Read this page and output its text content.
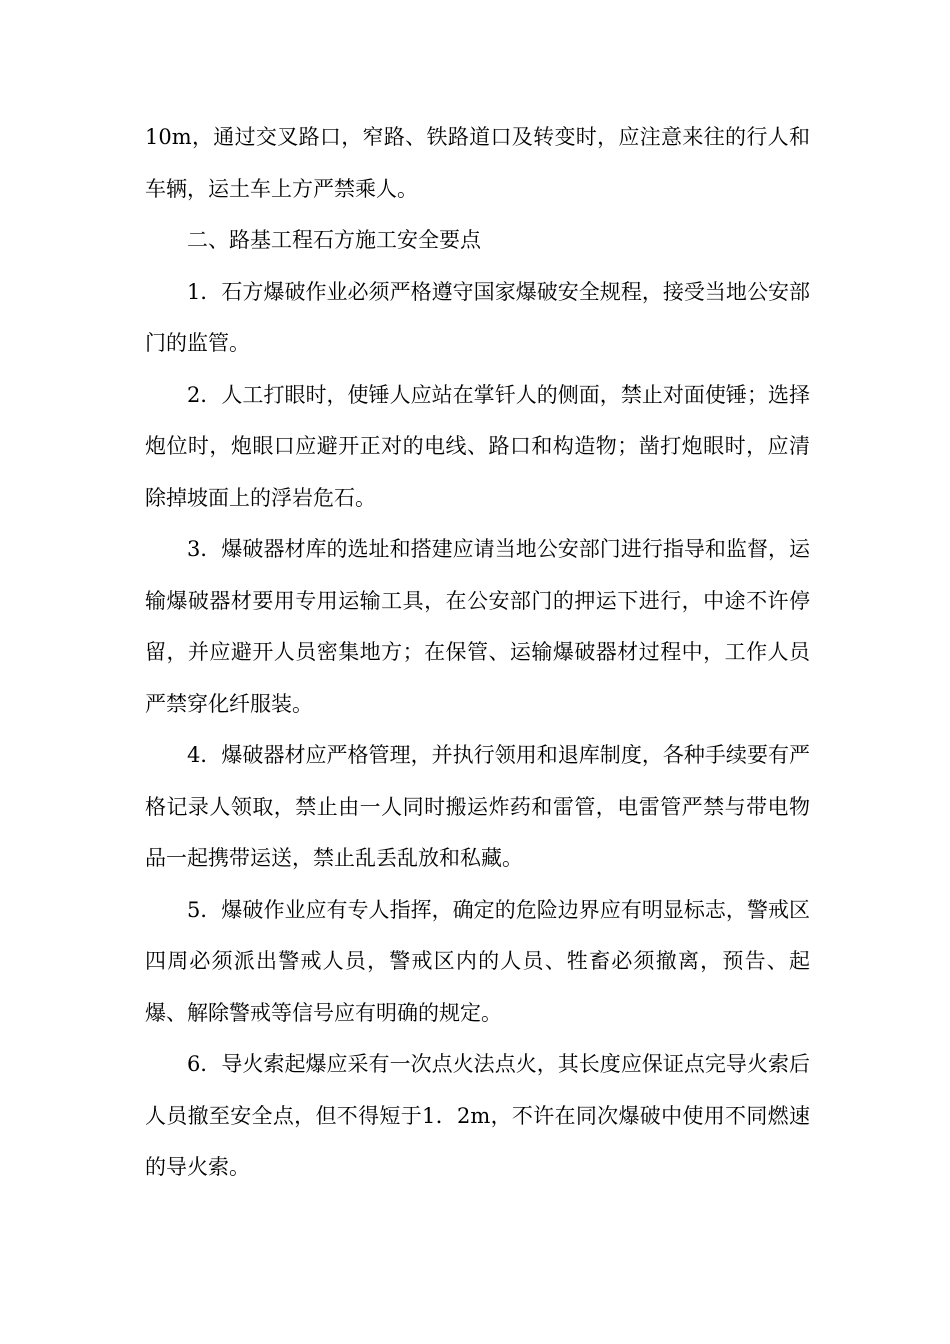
10m，通过交叉路口，窄路、铁路道口及转变时，应注意来往的行人和车辆，运土车上方严禁乘人。

二、路基工程石方施工安全要点

1．石方爆破作业必须严格遵守国家爆破安全规程，接受当地公安部门的监管。

2．人工打眼时，使锤人应站在掌钎人的侧面，禁止对面使锤；选择炮位时，炮眼口应避开正对的电线、路口和构造物；凿打炮眼时，应清除掉坡面上的浮岩危石。

3．爆破器材库的选址和搭建应请当地公安部门进行指导和监督，运输爆破器材要用专用运输工具，在公安部门的押运下进行，中途不许停留，并应避开人员密集地方；在保管、运输爆破器材过程中，工作人员严禁穿化纤服装。

4．爆破器材应严格管理，并执行领用和退库制度，各种手续要有严格记录人领取，禁止由一人同时搬运炸药和雷管，电雷管严禁与带电物品一起携带运送，禁止乱丢乱放和私藏。

5．爆破作业应有专人指挥，确定的危险边界应有明显标志，警戒区四周必须派出警戒人员，警戒区内的人员、牲畜必须撤离，预告、起爆、解除警戒等信号应有明确的规定。

6．导火索起爆应采有一次点火法点火，其长度应保证点完导火索后人员撤至安全点，但不得短于1．2m，不许在同次爆破中使用不同燃速的导火索。
